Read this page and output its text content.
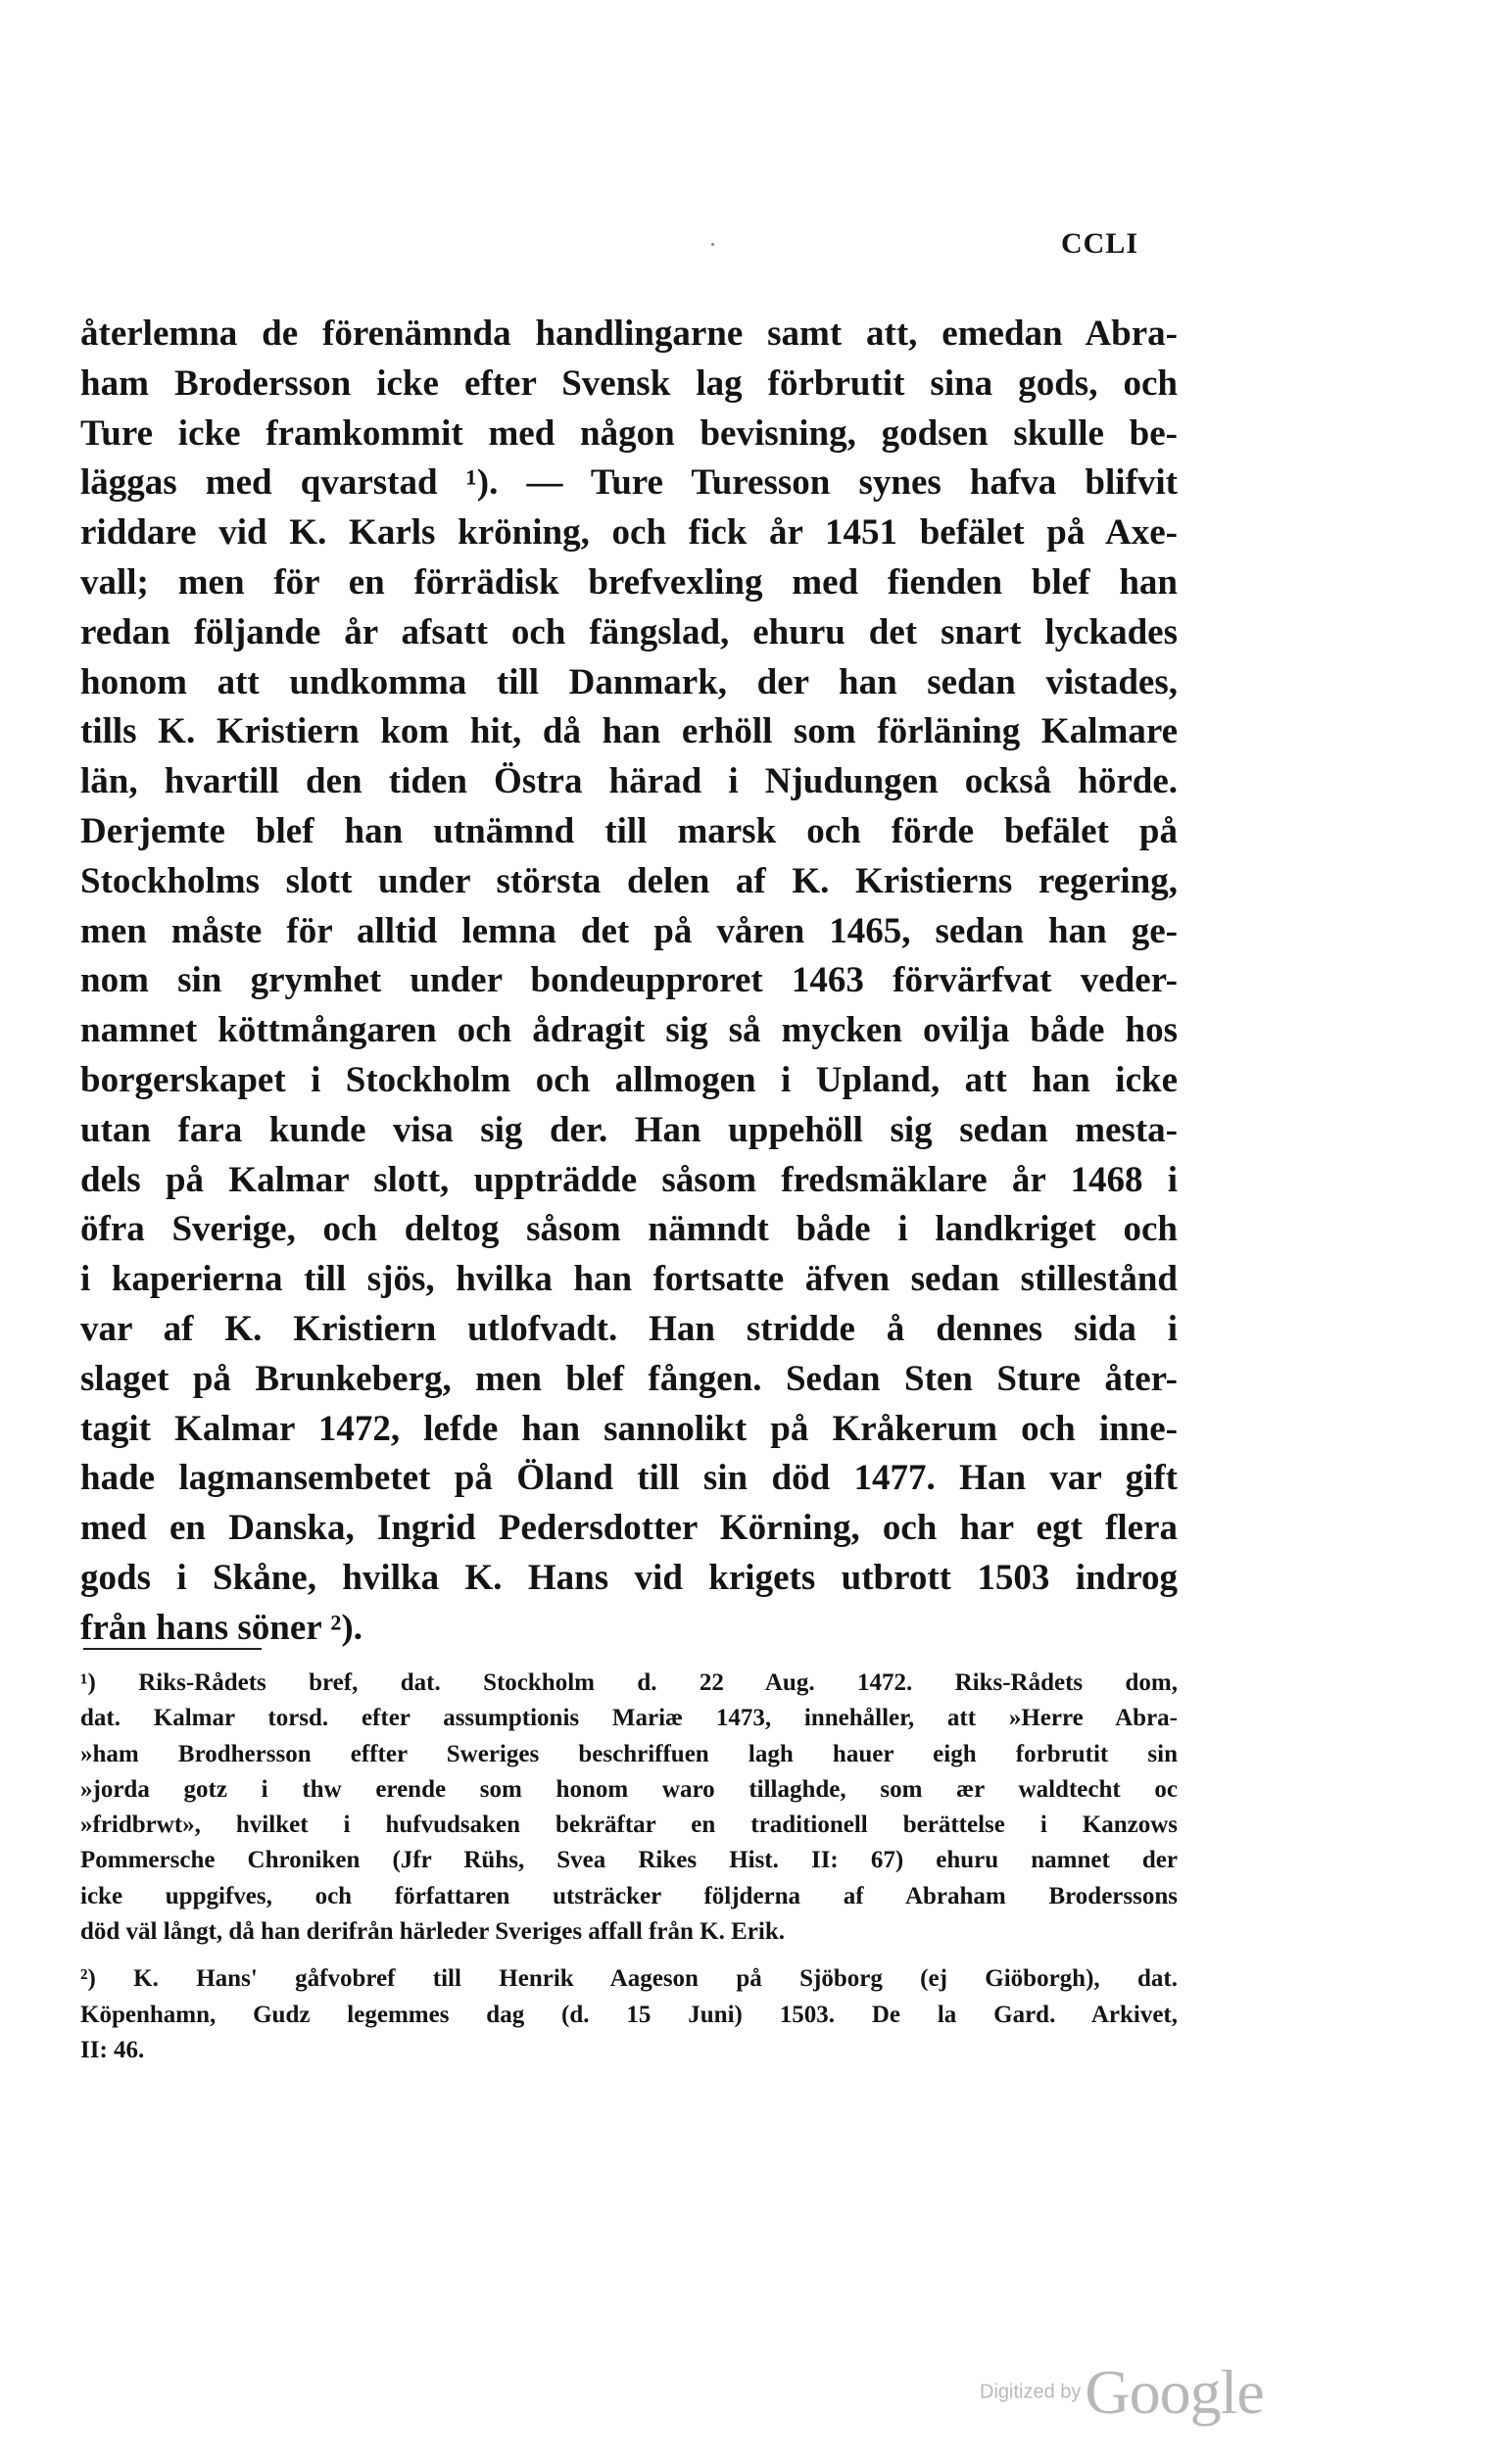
CCLI
återlemna de förenämnda handlingarne samt att, emedan Abra-
ham Brodersson icke efter Svensk lag förbrutit sina gods, och
Ture icke framkommit med någon bevisning, godsen skulle be-
läggas med qvarstad ¹). — Ture Turesson synes hafva blifvit
riddare vid K. Karls kröning, och fick år 1451 befälet på Axe-
vall; men för en förrädisk brefvexling med fienden blef han
redan följande år afsatt och fängslad, ehuru det snart lyckades
honom att undkomma till Danmark, der han sedan vistades,
tills K. Kristiern kom hit, då han erhöll som förläning Kalmare
län, hvartill den tiden Östra härad i Njudungen också hörde.
Derjemte blef han utnämnd till marsk och förde befälet på
Stockholms slott under största delen af K. Kristierns regering,
men måste för alltid lemna det på våren 1465, sedan han ge-
nom sin grymhet under bondeupproret 1463 förvärfvat veder-
namnet köttmångaren och ådragit sig så mycken ovilja både hos
borgerskapet i Stockholm och allmogen i Upland, att han icke
utan fara kunde visa sig der. Han uppehöll sig sedan mesta-
dels på Kalmar slott, uppträdde såsom fredsmäklare år 1468 i
öfra Sverige, och deltog såsom nämndt både i landkriget och
i kaperierna till sjös, hvilka han fortsatte äfven sedan stillestånd
var af K. Kristiern utlofvadt. Han stridde å dennes sida i
slaget på Brunkeberg, men blef fången. Sedan Sten Sture åter-
tagit Kalmar 1472, lefde han sannolikt på Kråkerum och inne-
hade lagmansembetet på Öland till sin död 1477. Han var gift
med en Danska, Ingrid Pedersdotter Körning, och har egt flera
gods i Skåne, hvilka K. Hans vid krigets utbrott 1503 indrog
från hans söner ²).
¹) Riks-Rådets bref, dat. Stockholm d. 22 Aug. 1472. Riks-Rådets dom,
dat. Kalmar torsd. efter assumptionis Mariæ 1473, innehåller, att »Herre Abra-
»ham Brodhersson effter Sweriges beschriffuen lagh hauer eigh forbrutit sin
»jorda gotz i thw erende som honom waro tillaghde, som ær waldtecht oc
»fridbrwt», hvilket i hufvudsaken bekräftar en traditionell berättelse i Kanzows
Pommersche Chroniken (Jfr Rühs, Svea Rikes Hist. II: 67) ehuru namnet der
icke uppgifves, och författaren utsträcker följderna af Abraham Broderssons
död väl långt, då han derifrån härleder Sveriges affall från K. Erik.
²) K. Hans' gåfvobref till Henrik Aageson på Sjöborg (ej Giöborgh), dat.
Köpenhamn, Gudz legemmes dag (d. 15 Juni) 1503. De la Gard. Arkivet,
II: 46.
Digitized by Google
